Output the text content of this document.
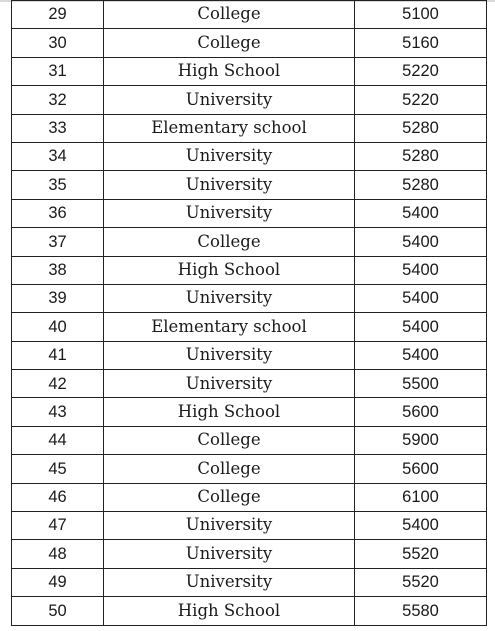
29	College	5100
30	College	5160
31	High School	5220
32	University	5220
33	Elementary school	5280
34	University	5280
35	University	5280
36	University	5400
37	College	5400
38	High School	5400
39	University	5400
40	Elementary school	5400
41	University	5400
42	University	5500
43	High School	5600
44	College	5900
45	College	5600
46	College	6100
47	University	5400
48	University	5520
49	University	5520
50	High School	5580
